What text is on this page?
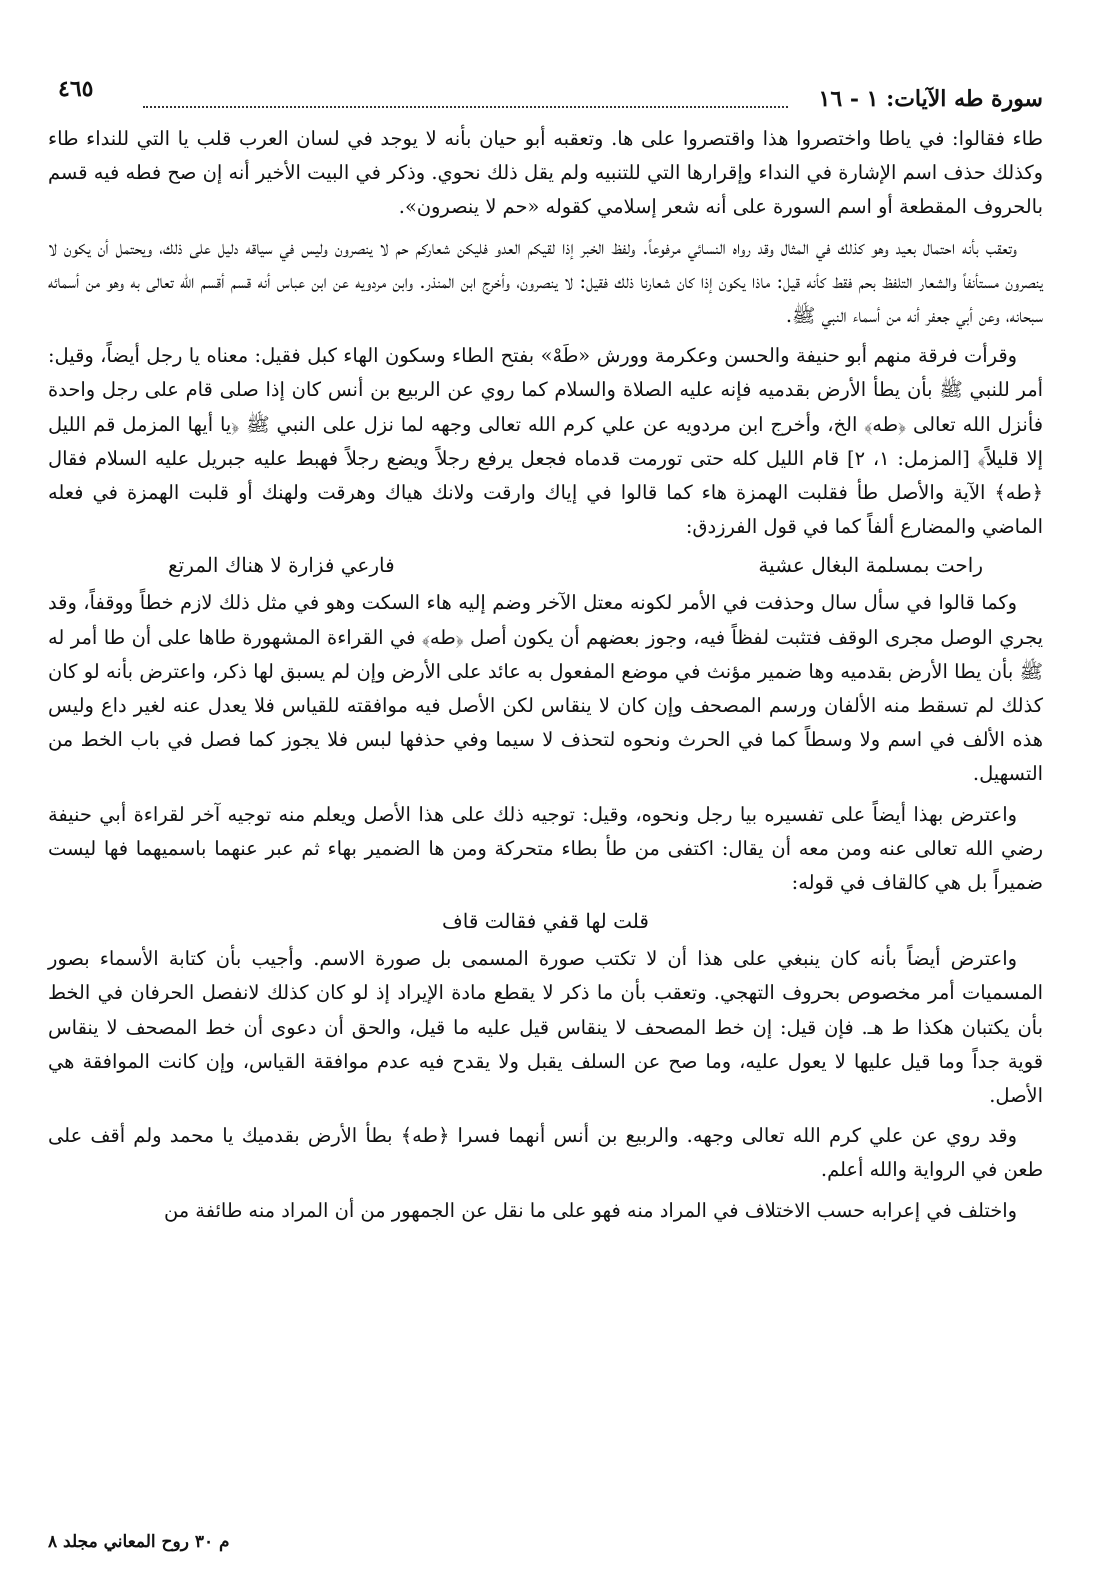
سورة طه الآيات: ١ - ١٦
٤٦٥

طاء فقالوا: في ياطا واختصروا هذا واقتصروا على ها. وتعقبه أبو حيان بأنه لا يوجد في لسان العرب قلب يا التي للنداء طاء وكذلك حذف اسم الإشارة في النداء وإقرارها التي للتنبيه ولم يقل ذلك نحوي. وذكر في البيت الأخير أنه إن صح فطه فيه قسم بالحروف المقطعة أو اسم السورة على أنه شعر إسلامي كقوله «حم لا ينصرون».

وتعقب بأنه احتمال بعيد وهو كذلك في المثال وقد رواه النسائي مرفوعاً. ولفظ الخبر إذا لقيكم العدو فليكن شعاركم حم لا ينصرون وليس في سياقه دليل على ذلك، ويحتمل أن يكون لا ينصرون مستأنفاً والشعار التلفظ بحم فقط كأنه قيل: ماذا يكون إذا كان شعارنا ذلك فقيل: لا ينصرون، وأخرج ابن المنذر. وابن مردويه عن ابن عباس أنه قسم أقسم الله تعالى به وهو من أسمائه سبحانه، وعن أبي جعفر أنه من أسماء النبي ﷺ.

وقرأت فرقة منهم أبو حنيفة والحسن وعكرمة وورش «طَهْ» بفتح الطاء وسكون الهاء كبل فقيل: معناه يا رجل أيضاً، وقيل: أمر للنبي ﷺ بأن يطأ الأرض بقدميه فإنه عليه الصلاة والسلام كما روي عن الربيع بن أنس كان إذا صلى قام على رجل واحدة فأنزل الله تعالى ﴿طه﴾ الخ، وأخرج ابن مردويه عن علي كرم الله تعالى وجهه لما نزل على النبي ﷺ ﴿يا أيها المزمل قم الليل إلا قليلاً﴾ [المزمل: ١، ٢] قام الليل كله حتى تورمت قدماه فجعل يرفع رجلاً ويضع رجلاً فهبط عليه جبريل عليه السلام فقال ﴿طه﴾ الآية والأصل طأ فقلبت الهمزة هاء كما قالوا في إياك وارقت ولانك هياك وهرقت ولهنك أو قلبت الهمزة في فعله الماضي والمضارع ألفاً كما في قول الفرزدق:

راحت بمسلمة البغال عشية
فارعي فزارة لا هناك المرتع

وكما قالوا في سأل سال وحذفت في الأمر لكونه معتل الآخر وضم إليه هاء السكت وهو في مثل ذلك لازم خطاً ووقفاً، وقد يجري الوصل مجرى الوقف فتثبت لفظاً فيه، وجوز بعضهم أن يكون أصل ﴿طه﴾ في القراءة المشهورة طاها على أن طا أمر له ﷺ بأن يطا الأرض بقدميه وها ضمير مؤنث في موضع المفعول به عائد على الأرض وإن لم يسبق لها ذكر، واعترض بأنه لو كان كذلك لم تسقط منه الألفان ورسم المصحف وإن كان لا ينقاس لكن الأصل فيه موافقته للقياس فلا يعدل عنه لغير داع وليس هذه الألف في اسم ولا وسطاً كما في الحرث ونحوه لتحذف لا سيما وفي حذفها لبس فلا يجوز كما فصل في باب الخط من التسهيل.

واعترض بهذا أيضاً على تفسيره بيا رجل ونحوه، وقيل: توجيه ذلك على هذا الأصل ويعلم منه توجيه آخر لقراءة أبي حنيفة رضي الله تعالى عنه ومن معه أن يقال: اكتفى من طأ بطاء متحركة ومن ها الضمير بهاء ثم عبر عنهما باسميهما فها ليست ضميراً بل هي كالقاف في قوله:

قلت لها قفي فقالت قاف

واعترض أيضاً بأنه كان ينبغي على هذا أن لا تكتب صورة المسمى بل صورة الاسم. وأجيب بأن كتابة الأسماء بصور المسميات أمر مخصوص بحروف التهجي. وتعقب بأن ما ذكر لا يقطع مادة الإيراد إذ لو كان كذلك لانفصل الحرفان في الخط بأن يكتبان هكذا ط هـ. فإن قيل: إن خط المصحف لا ينقاس قيل عليه ما قيل، والحق أن دعوى أن خط المصحف لا ينقاس قوية جداً وما قيل عليها لا يعول عليه، وما صح عن السلف يقبل ولا يقدح فيه عدم موافقة القياس، وإن كانت الموافقة هي الأصل.

وقد روي عن علي كرم الله تعالى وجهه. والربيع بن أنس أنهما فسرا ﴿طه﴾ بطأ الأرض بقدميك يا محمد ولم أقف على طعن في الرواية والله أعلم.

واختلف في إعرابه حسب الاختلاف في المراد منه فهو على ما نقل عن الجمهور من أن المراد منه طائفة من

م ٣٠ روح المعاني مجلد ٨
